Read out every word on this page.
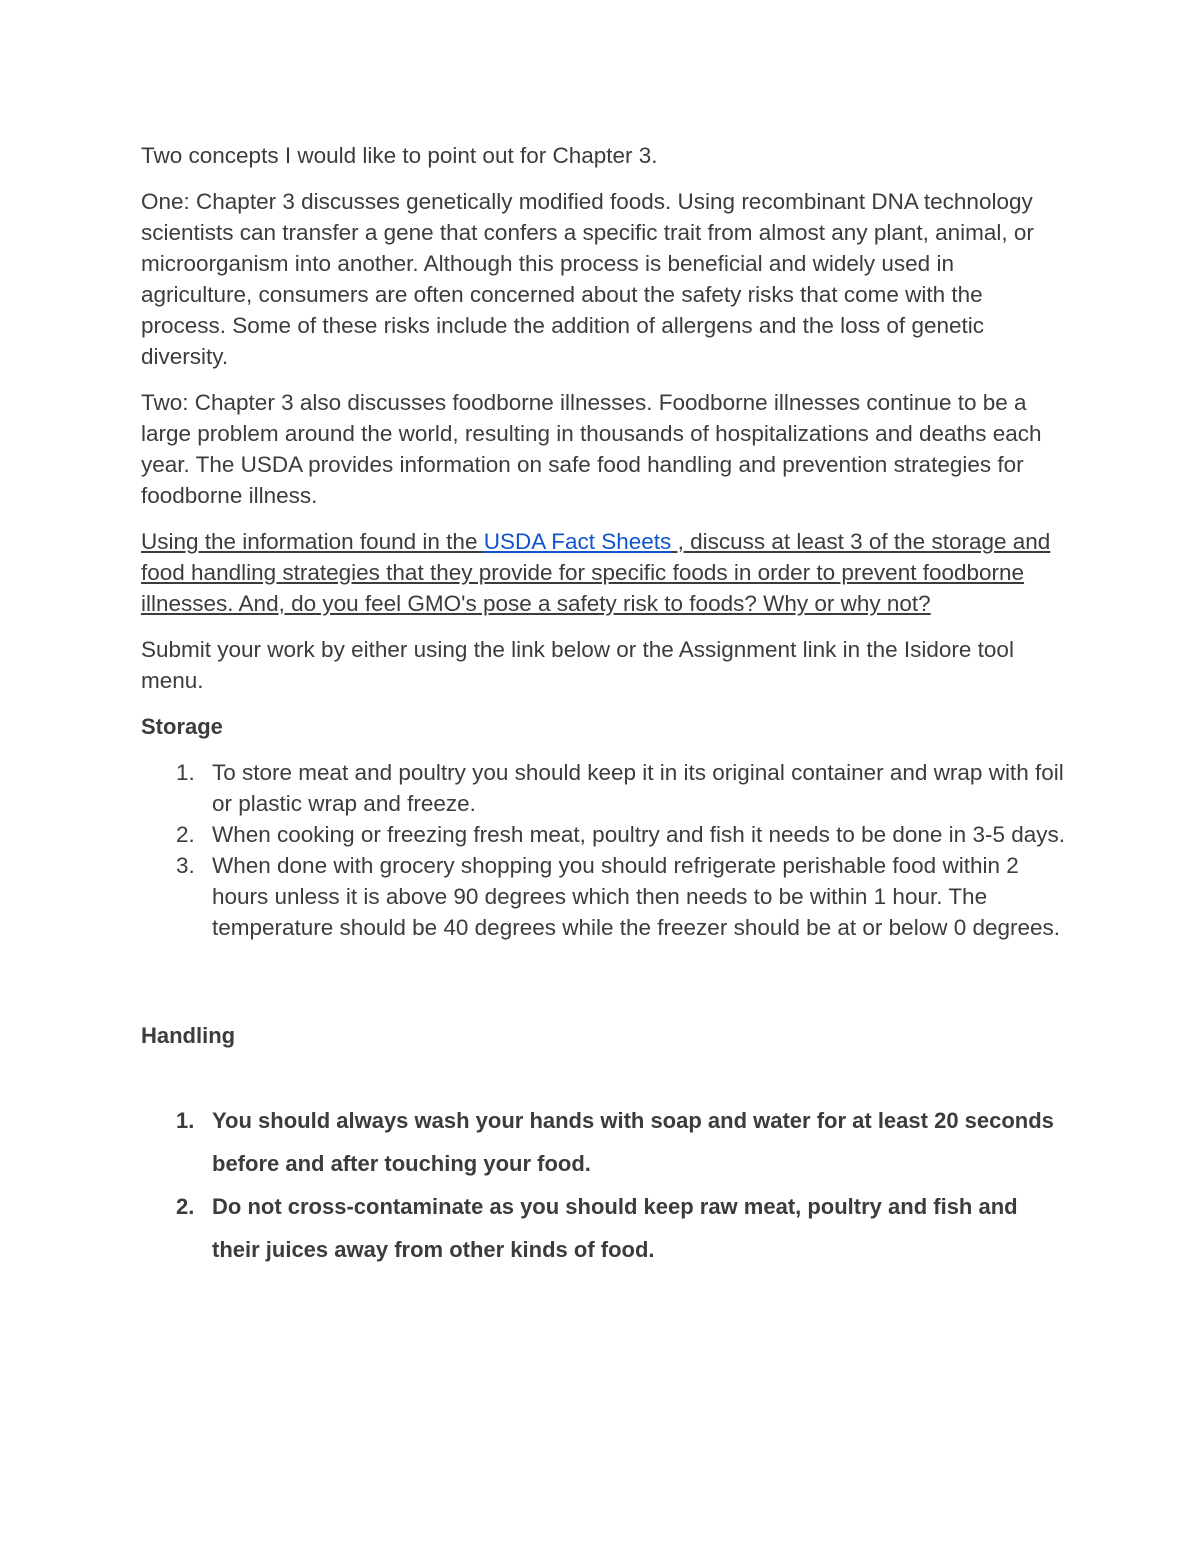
Two concepts I would like to point out for Chapter 3.

One: Chapter 3 discusses genetically modified foods. Using recombinant DNA technology scientists can transfer a gene that confers a specific trait from almost any plant, animal, or microorganism into another. Although this process is beneficial and widely used in agriculture, consumers are often concerned about the safety risks that come with the process. Some of these risks include the addition of allergens and the loss of genetic diversity.

Two: Chapter 3 also discusses foodborne illnesses. Foodborne illnesses continue to be a large problem around the world, resulting in thousands of hospitalizations and deaths each year. The USDA provides information on safe food handling and prevention strategies for foodborne illness.

Using the information found in the USDA Fact Sheets , discuss at least 3 of the storage and food handling strategies that they provide for specific foods in order to prevent foodborne illnesses. And, do you feel GMO's pose a safety risk to foods? Why or why not?

Submit your work by either using the link below or the Assignment link in the Isidore tool menu.

Storage
1. To store meat and poultry you should keep it in its original container and wrap with foil or plastic wrap and freeze.
2. When cooking or freezing fresh meat, poultry and fish it needs to be done in 3-5 days.
3. When done with grocery shopping you should refrigerate perishable food within 2 hours unless it is above 90 degrees which then needs to be within 1 hour. The temperature should be 40 degrees while the freezer should be at or below 0 degrees.
Handling
1. You should always wash your hands with soap and water for at least 20 seconds before and after touching your food.
2. Do not cross-contaminate as you should keep raw meat, poultry and fish and their juices away from other kinds of food.
